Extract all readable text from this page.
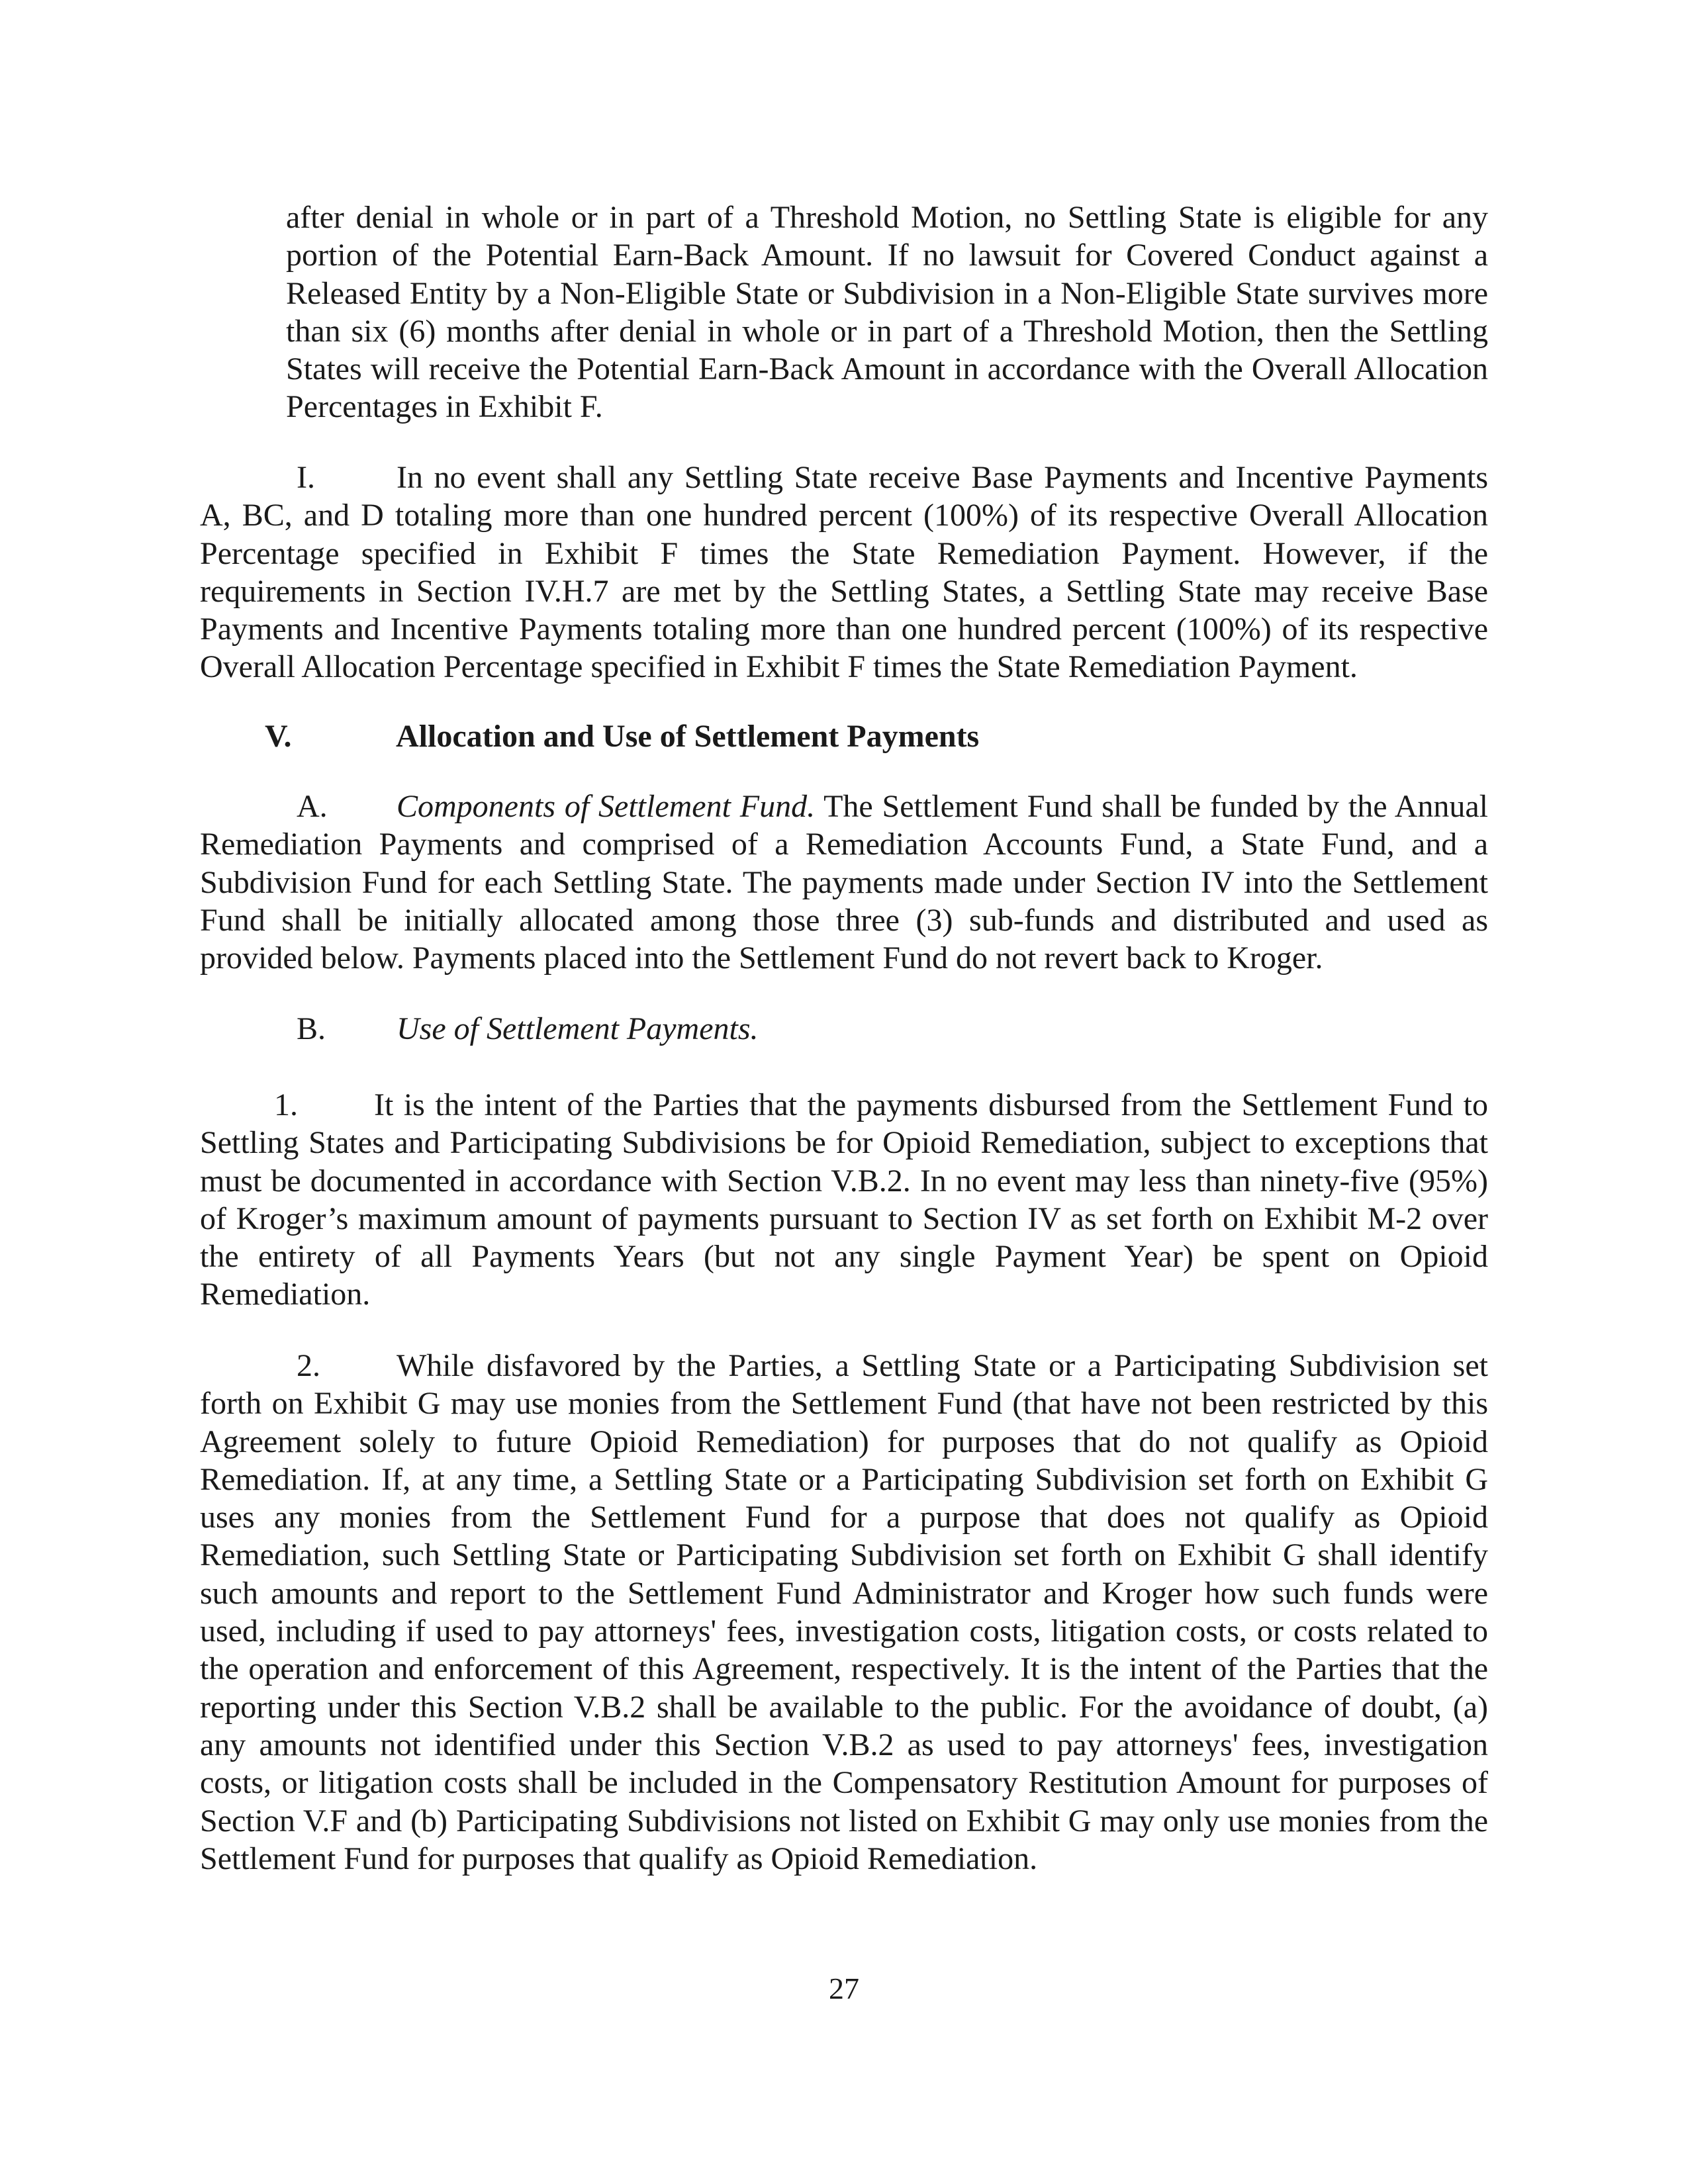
after denial in whole or in part of a Threshold Motion, no Settling State is eligible for any portion of the Potential Earn-Back Amount. If no lawsuit for Covered Conduct against a Released Entity by a Non-Eligible State or Subdivision in a Non-Eligible State survives more than six (6) months after denial in whole or in part of a Threshold Motion, then the Settling States will receive the Potential Earn-Back Amount in accordance with the Overall Allocation Percentages in Exhibit F.

I.	In no event shall any Settling State receive Base Payments and Incentive Payments A, BC, and D totaling more than one hundred percent (100%) of its respective Overall Allocation Percentage specified in Exhibit F times the State Remediation Payment. However, if the requirements in Section IV.H.7 are met by the Settling States, a Settling State may receive Base Payments and Incentive Payments totaling more than one hundred percent (100%) of its respective Overall Allocation Percentage specified in Exhibit F times the State Remediation Payment.

V.	Allocation and Use of Settlement Payments

A. Components of Settlement Fund. The Settlement Fund shall be funded by the Annual Remediation Payments and comprised of a Remediation Accounts Fund, a State Fund, and a Subdivision Fund for each Settling State. The payments made under Section IV into the Settlement Fund shall be initially allocated among those three (3) sub-funds and distributed and used as provided below. Payments placed into the Settlement Fund do not revert back to Kroger.

B. Use of Settlement Payments.

1. It is the intent of the Parties that the payments disbursed from the Settlement Fund to Settling States and Participating Subdivisions be for Opioid Remediation, subject to exceptions that must be documented in accordance with Section V.B.2. In no event may less than ninety-five (95%) of Kroger’s maximum amount of payments pursuant to Section IV as set forth on Exhibit M-2 over the entirety of all Payments Years (but not any single Payment Year) be spent on Opioid Remediation.

2. While disfavored by the Parties, a Settling State or a Participating Subdivision set forth on Exhibit G may use monies from the Settlement Fund (that have not been restricted by this Agreement solely to future Opioid Remediation) for purposes that do not qualify as Opioid Remediation. If, at any time, a Settling State or a Participating Subdivision set forth on Exhibit G uses any monies from the Settlement Fund for a purpose that does not qualify as Opioid Remediation, such Settling State or Participating Subdivision set forth on Exhibit G shall identify such amounts and report to the Settlement Fund Administrator and Kroger how such funds were used, including if used to pay attorneys' fees, investigation costs, litigation costs, or costs related to the operation and enforcement of this Agreement, respectively. It is the intent of the Parties that the reporting under this Section V.B.2 shall be available to the public. For the avoidance of doubt, (a) any amounts not identified under this Section V.B.2 as used to pay attorneys' fees, investigation costs, or litigation costs shall be included in the Compensatory Restitution Amount for purposes of Section V.F and (b) Participating Subdivisions not listed on Exhibit G may only use monies from the Settlement Fund for purposes that qualify as Opioid Remediation.

27
